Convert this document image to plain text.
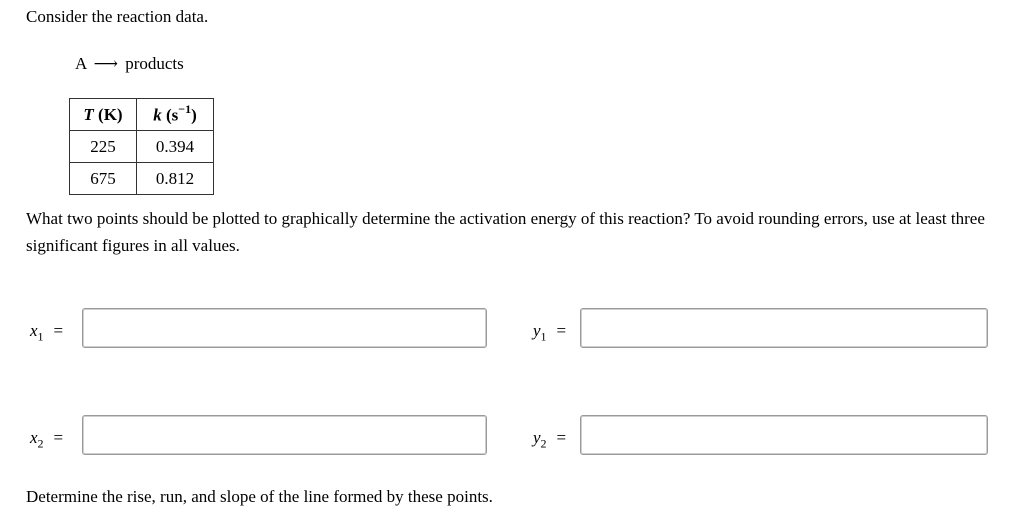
Consider the reaction data.
A ⟶ products
T (K)	k $(s^{-1})$
225	0.394
675	0.812
What two points should be plotted to graphically determine the activation energy of this reaction? To avoid rounding errors, use at least three significant figures in all values.
$x_1$ =	$y_1$ =
$x_2$ =	$y_2$ =
Determine the rise, run, and slope of the line formed by these points.
